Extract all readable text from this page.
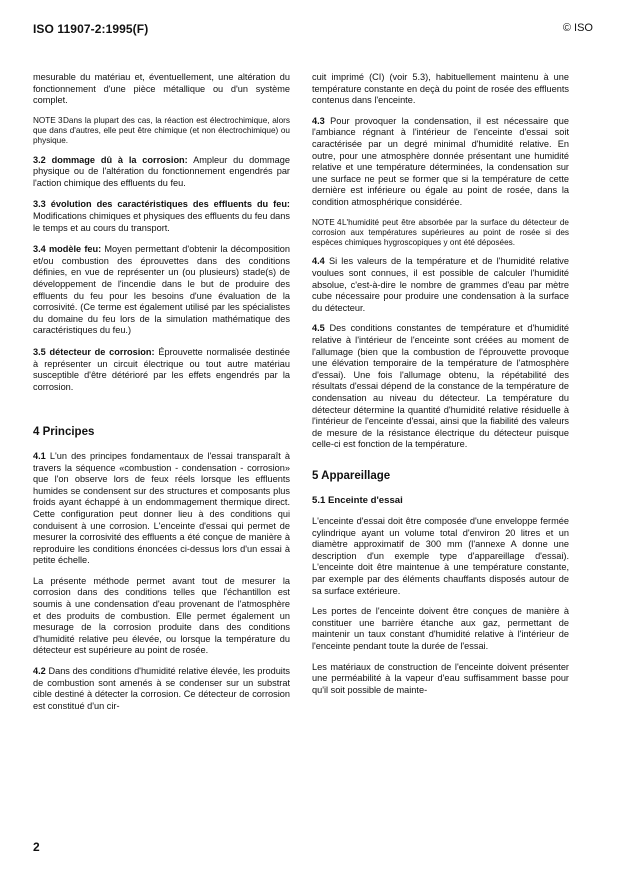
ISO 11907-2:1995(F)	© ISO

mesurable du matériau et, éventuellement, une altération du fonctionnement d'une pièce métallique ou d'un système complet.

NOTE 3Dans la plupart des cas, la réaction est électrochimique, alors que dans d'autres, elle peut être chimique (et non électrochimique) ou physique.

3.2 dommage dû à la corrosion: Ampleur du dommage physique ou de l'altération du fonctionnement engendrés par l'action chimique des effluents du feu.

3.3 évolution des caractéristiques des effluents du feu: Modifications chimiques et physiques des effluents du feu dans le temps et au cours du transport.

3.4 modèle feu: Moyen permettant d'obtenir la décomposition et/ou combustion des éprouvettes dans des conditions définies, en vue de représenter un (ou plusieurs) stade(s) de développement de l'incendie dans le but de produire des effluents du feu pour les besoins d'une évaluation de la corrosivité. (Ce terme est également utilisé par les spécialistes du domaine du feu lors de la simulation mathématique des caractéristiques du feu.)

3.5 détecteur de corrosion: Éprouvette normalisée destinée à représenter un circuit électrique ou tout autre matériau susceptible d'être détérioré par les effets engendrés par la corrosion.

4 Principes

4.1 L'un des principes fondamentaux de l'essai transparaît à travers la séquence «combustion - condensation - corrosion» que l'on observe lors de feux réels lorsque les effluents humides se condensent sur des structures et composants plus froids ayant échappé à un endommagement thermique direct. Cette configuration peut donner lieu à des conditions qui conduisent à une corrosion. L'enceinte d'essai qui permet de mesurer la corrosivité des effluents a été conçue de manière à reproduire les conditions énoncées ci-dessus lors d'un essai à petite échelle.

La présente méthode permet avant tout de mesurer la corrosion dans des conditions telles que l'échantillon est soumis à une condensation d'eau provenant de l'atmosphère et des produits de combustion. Elle permet également un mesurage de la corrosion produite dans des conditions d'humidité relative peu élevée, ou lorsque la température du détecteur est supérieure au point de rosée.

4.2 Dans des conditions d'humidité relative élevée, les produits de combustion sont amenés à se condenser sur un substrat cible destiné à détecter la corrosion. Ce détecteur de corrosion est constitué d'un cir-

cuit imprimé (CI) (voir 5.3), habituellement maintenu à une température constante en deçà du point de rosée des effluents contenus dans l'enceinte.

4.3 Pour provoquer la condensation, il est nécessaire que l'ambiance régnant à l'intérieur de l'enceinte d'essai soit caractérisée par un degré minimal d'humidité relative. En outre, pour une atmosphère donnée présentant une humidité relative et une température déterminées, la condensation sur une surface ne peut se former que si la température de cette dernière est inférieure ou égale au point de rosée, dans la condition atmosphérique considérée.

NOTE 4L'humidité peut être absorbée par la surface du détecteur de corrosion aux températures supérieures au point de rosée si des espèces chimiques hygroscopiques y ont été déposées.

4.4 Si les valeurs de la température et de l'humidité relative voulues sont connues, il est possible de calculer l'humidité absolue, c'est-à-dire le nombre de grammes d'eau par mètre cube nécessaire pour produire une condensation à la surface du détecteur.

4.5 Des conditions constantes de température et d'humidité relative à l'intérieur de l'enceinte sont créées au moment de l'allumage (bien que la combustion de l'éprouvette provoque une élévation temporaire de la température de l'atmosphère d'essai). Une fois l'allumage obtenu, la répétabilité des résultats d'essai dépend de la constance de la température de condensation au niveau du détecteur. La température du détecteur détermine la quantité d'humidité relative résiduelle à l'intérieur de l'enceinte d'essai, ainsi que la fiabilité des valeurs de mesure de la résistance électrique du détecteur puisque celle-ci est fonction de la température.

5 Appareillage
5.1 Enceinte d'essai

L'enceinte d'essai doit être composée d'une enveloppe fermée cylindrique ayant un volume total d'environ 20 litres et un diamètre approximatif de 300 mm (l'annexe A donne une description d'un exemple type d'appareillage d'essai). L'enceinte doit être maintenue à une température constante, par exemple par des éléments chauffants disposés autour de sa surface extérieure.

Les portes de l'enceinte doivent être conçues de manière à constituer une barrière étanche aux gaz, permettant de maintenir un taux constant d'humidité relative à l'intérieur de l'enceinte pendant toute la durée de l'essai.

Les matériaux de construction de l'enceinte doivent présenter une perméabilité à la vapeur d'eau suffisamment basse pour qu'il soit possible de mainte-

2
